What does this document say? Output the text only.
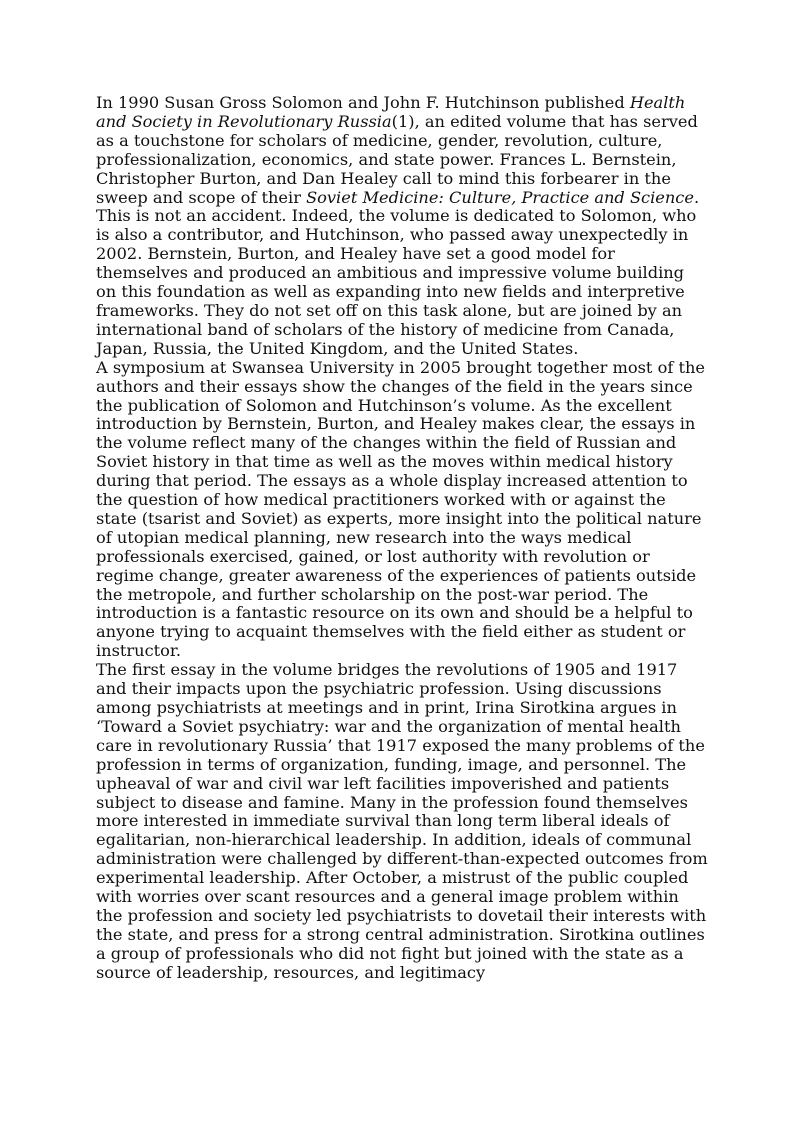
In 1990 Susan Gross Solomon and John F. Hutchinson published Health and Society in Revolutionary Russia(1), an edited volume that has served as a touchstone for scholars of medicine, gender, revolution, culture, professionalization, economics, and state power. Frances L. Bernstein, Christopher Burton, and Dan Healey call to mind this forbearer in the sweep and scope of their Soviet Medicine: Culture, Practice and Science. This is not an accident. Indeed, the volume is dedicated to Solomon, who is also a contributor, and Hutchinson, who passed away unexpectedly in 2002. Bernstein, Burton, and Healey have set a good model for themselves and produced an ambitious and impressive volume building on this foundation as well as expanding into new fields and interpretive frameworks. They do not set off on this task alone, but are joined by an international band of scholars of the history of medicine from Canada, Japan, Russia, the United Kingdom, and the United States.

A symposium at Swansea University in 2005 brought together most of the authors and their essays show the changes of the field in the years since the publication of Solomon and Hutchinson’s volume. As the excellent introduction by Bernstein, Burton, and Healey makes clear, the essays in the volume reflect many of the changes within the field of Russian and Soviet history in that time as well as the moves within medical history during that period. The essays as a whole display increased attention to the question of how medical practitioners worked with or against the state (tsarist and Soviet) as experts, more insight into the political nature of utopian medical planning, new research into the ways medical professionals exercised, gained, or lost authority with revolution or regime change, greater awareness of the experiences of patients outside the metropole, and further scholarship on the post-war period. The introduction is a fantastic resource on its own and should be a helpful to anyone trying to acquaint themselves with the field either as student or instructor.

The first essay in the volume bridges the revolutions of 1905 and 1917 and their impacts upon the psychiatric profession. Using discussions among psychiatrists at meetings and in print, Irina Sirotkina argues in ‘Toward a Soviet psychiatry: war and the organization of mental health care in revolutionary Russia’ that 1917 exposed the many problems of the profession in terms of organization, funding, image, and personnel. The upheaval of war and civil war left facilities impoverished and patients subject to disease and famine. Many in the profession found themselves more interested in immediate survival than long term liberal ideals of egalitarian, non-hierarchical leadership. In addition, ideals of communal administration were challenged by different-than-expected outcomes from experimental leadership. After October, a mistrust of the public coupled with worries over scant resources and a general image problem within the profession and society led psychiatrists to dovetail their interests with the state, and press for a strong central administration. Sirotkina outlines a group of professionals who did not fight but joined with the state as a source of leadership, resources, and legitimacy
